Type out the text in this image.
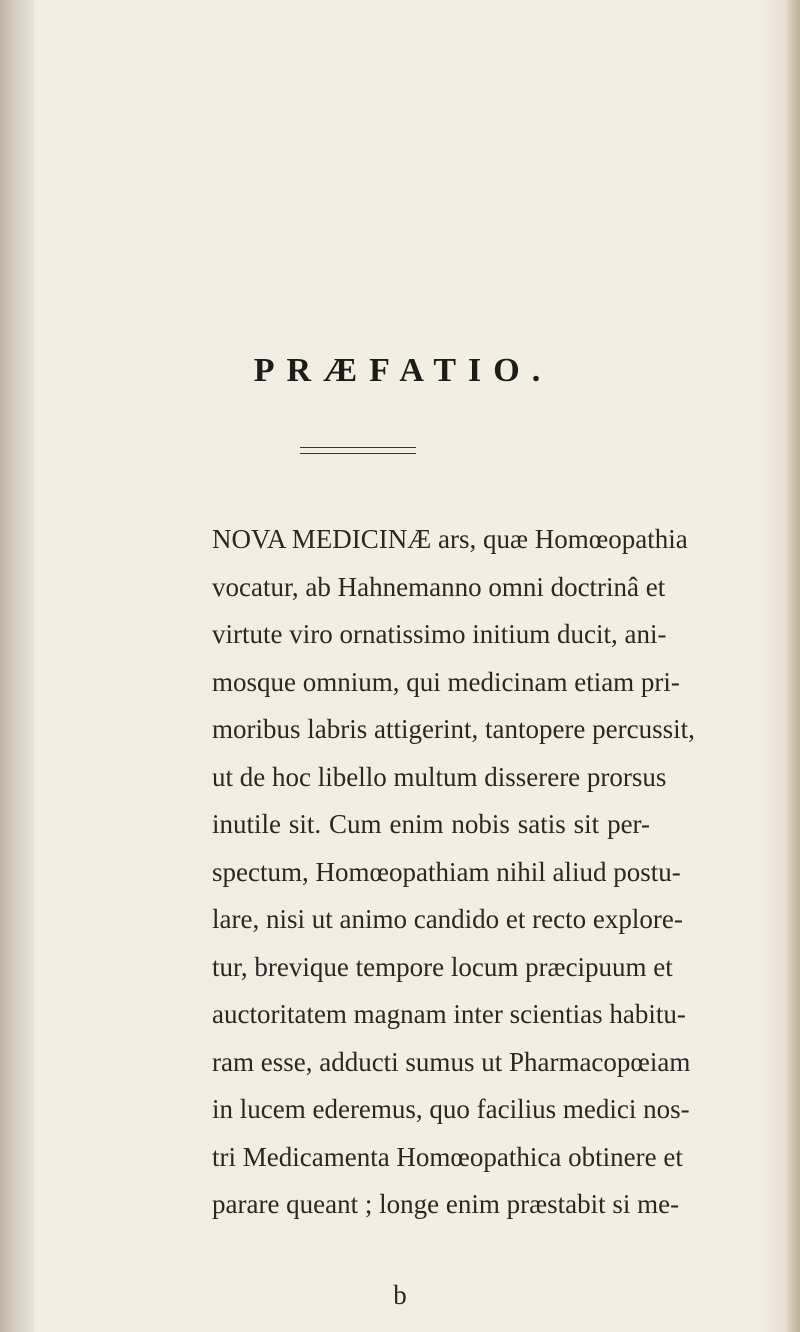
PRÆFATIO.
NOVA MEDICINÆ ars, quæ Homœopathia
vocatur, ab Hahnemanno omni doctrinâ et
virtute viro ornatissimo initium ducit, ani-
mosque omnium, qui medicinam etiam pri-
moribus labris attigerint, tantopere percussit,
ut de hoc libello multum disserere prorsus
inutile sit. Cum enim nobis satis sit per-
spectum, Homœopathiam nihil aliud postu-
lare, nisi ut animo candido et recto explore-
tur, brevique tempore locum præcipuum et
auctoritatem magnam inter scientias habitu-
ram esse, adducti sumus ut Pharmacopœiam
in lucem ederemus, quo facilius medici nos-
tri Medicamenta Homœopathica obtinere et
parare queant ; longe enim præstabit si me-
b
